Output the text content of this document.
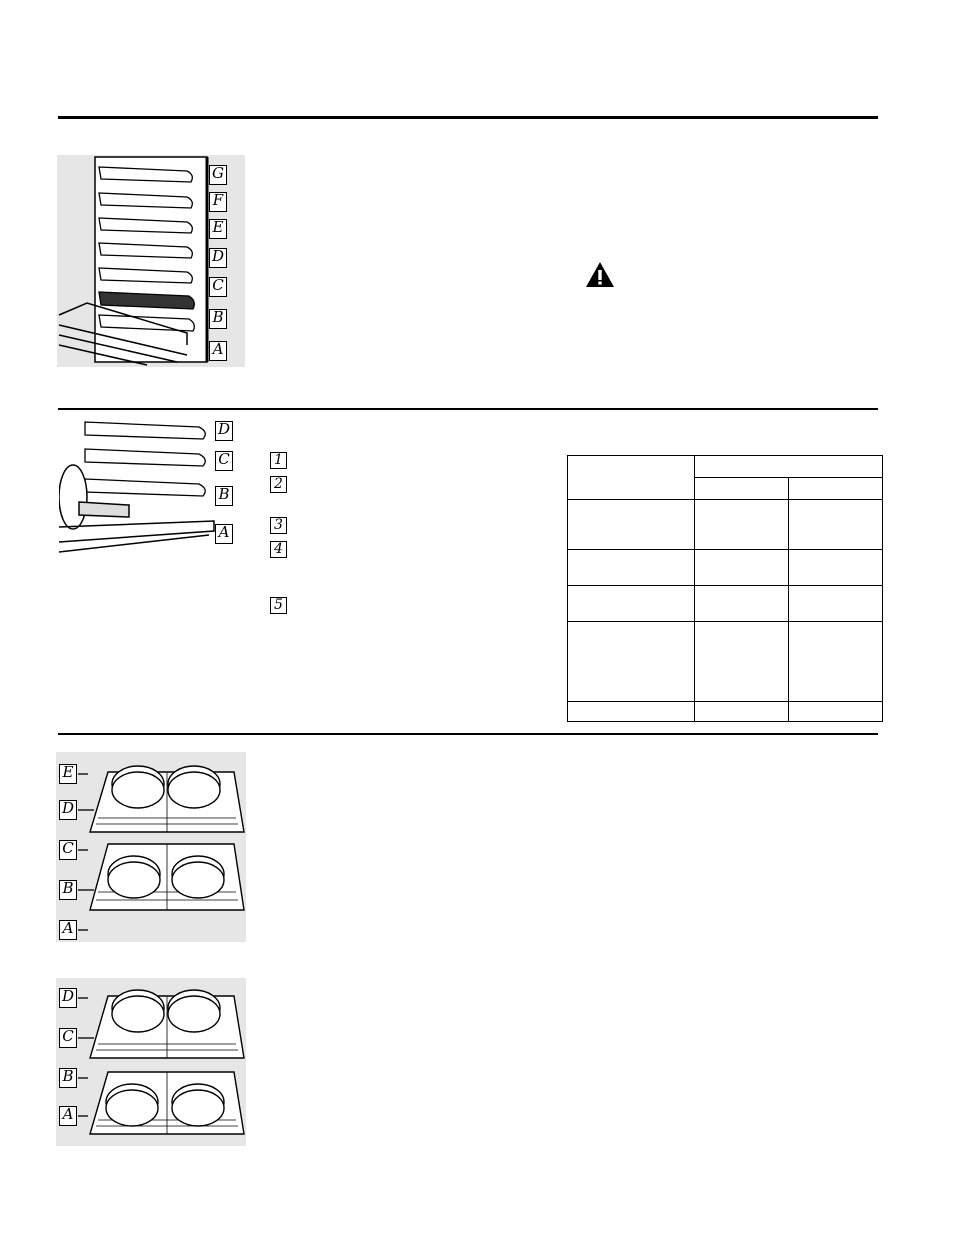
G
F
E
D
C
B
A
D
C
B
A
1
2
3
4
5

E
D
C
B
A
D
C
B
A
